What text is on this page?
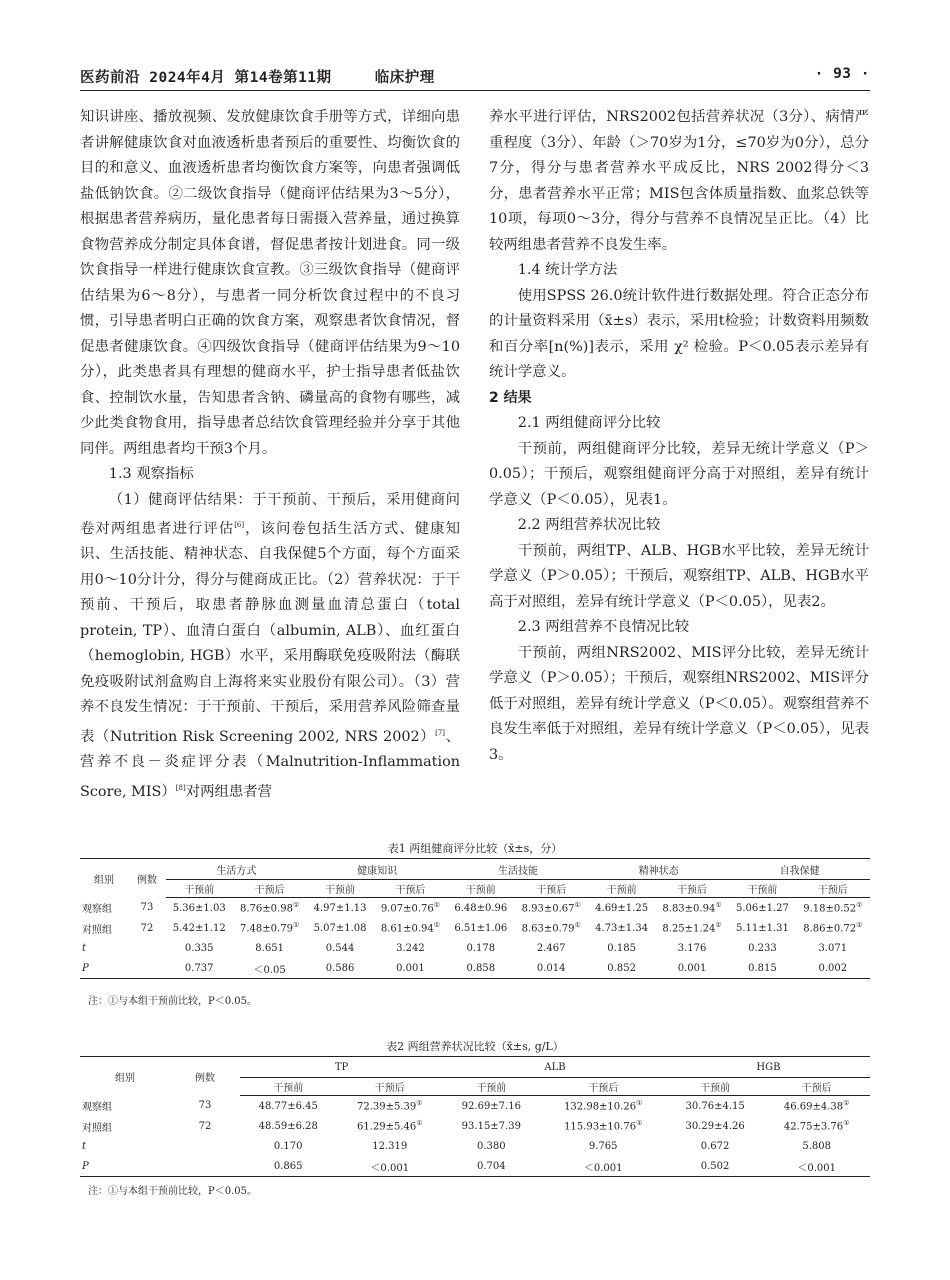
医药前沿 2024年4月 第14卷第11期	临床护理	· 93 ·

知识讲座、播放视频、发放健康饮食手册等方式，详细向患者讲解健康饮食对血液透析患者预后的重要性、均衡饮食的目的和意义、血液透析患者均衡饮食方案等，向患者强调低盐低钠饮食。②二级饮食指导（健商评估结果为3～5分），根据患者营养病历，量化患者每日需摄入营养量，通过换算食物营养成分制定具体食谱，督促患者按计划进食。同一级饮食指导一样进行健康饮食宣教。③三级饮食指导（健商评估结果为6～8分），与患者一同分析饮食过程中的不良习惯，引导患者明白正确的饮食方案，观察患者饮食情况，督促患者健康饮食。④四级饮食指导（健商评估结果为9～10分），此类患者具有理想的健商水平，护士指导患者低盐饮食、控制饮水量，告知患者含钠、磷量高的食物有哪些，减少此类食物食用，指导患者总结饮食管理经验并分享于其他同伴。两组患者均干预3个月。

1.3 观察指标

（1）健商评估结果：于干预前、干预后，采用健商问卷对两组患者进行评估[6]，该问卷包括生活方式、健康知识、生活技能、精神状态、自我保健5个方面，每个方面采用0～10分计分，得分与健商成正比。（2）营养状况：于干预前、干预后，取患者静脉血测量血清总蛋白（total protein, TP）、血清白蛋白（albumin, ALB）、血红蛋白（hemoglobin, HGB）水平，采用酶联免疫吸附法（酶联免疫吸附试剂盒购自上海将来实业股份有限公司）。（3）营养不良发生情况：于干预前、干预后，采用营养风险筛查量表（Nutrition Risk Screening 2002, NRS 2002）[7]、营养不良－炎症评分表（Malnutrition-Inflammation Score, MIS）[8]对两组患者营

养水平进行评估，NRS2002包括营养状况（3分）、病情严重程度（3分）、年龄（＞70岁为1分，≤70岁为0分），总分7分，得分与患者营养水平成反比，NRS 2002得分＜3分，患者营养水平正常；MIS包含体质量指数、血浆总铁等10项，每项0～3分，得分与营养不良情况呈正比。（4）比较两组患者营养不良发生率。

1.4 统计学方法

使用SPSS 26.0统计软件进行数据处理。符合正态分布的计量资料采用（x̄±s）表示，采用t检验；计数资料用频数和百分率[n(%)]表示，采用 χ² 检验。P＜0.05表示差异有统计学意义。

2 结果

2.1 两组健商评分比较

干预前，两组健商评分比较，差异无统计学意义（P＞0.05）；干预后，观察组健商评分高于对照组，差异有统计学意义（P＜0.05），见表1。

2.2 两组营养状况比较

干预前，两组TP、ALB、HGB水平比较，差异无统计学意义（P＞0.05）；干预后，观察组TP、ALB、HGB水平高于对照组，差异有统计学意义（P＜0.05），见表2。

2.3 两组营养不良情况比较

干预前，两组NRS2002、MIS评分比较，差异无统计学意义（P＞0.05）；干预后，观察组NRS2002、MIS评分低于对照组，差异有统计学意义（P＜0.05）。观察组营养不良发生率低于对照组，差异有统计学意义（P＜0.05），见表3。

表1 两组健商评分比较（x̄±s，分）
组别	例数	生活方式		健康知识		生活技能		精神状态		自我保健	
		干预前	干预后	干预前	干预后	干预前	干预后	干预前	干预后	干预前	干预后
观察组	73	5.36±1.03	8.76±0.98①	4.97±1.13	9.07±0.76①	6.48±0.96	8.93±0.67①	4.69±1.25	8.83±0.94①	5.06±1.27	9.18±0.52①
对照组	72	5.42±1.12	7.48±0.79①	5.07±1.08	8.61±0.94①	6.51±1.06	8.63±0.79①	4.73±1.34	8.25±1.24①	5.11±1.31	8.86±0.72①
t		0.335	8.651	0.544	3.242	0.178	2.467	0.185	3.176	0.233	3.071
P		0.737	＜0.05	0.586	0.001	0.858	0.014	0.852	0.001	0.815	0.002
注：①与本组干预前比较，P＜0.05。
表2 两组营养状况比较（x̄±s, g/L）
组别	例数	TP		ALB		HGB	
		干预前	干预后	干预前	干预后	干预前	干预后
观察组	73	48.77±6.45	72.39±5.39①	92.69±7.16	132.98±10.26①	30.76±4.15	46.69±4.38①
对照组	72	48.59±6.28	61.29±5.46①	93.15±7.39	115.93±10.76①	30.29±4.26	42.75±3.76①
t		0.170	12.319	0.380	9.765	0.672	5.808
P		0.865	＜0.001	0.704	＜0.001	0.502	＜0.001
注：①与本组干预前比较，P＜0.05。
